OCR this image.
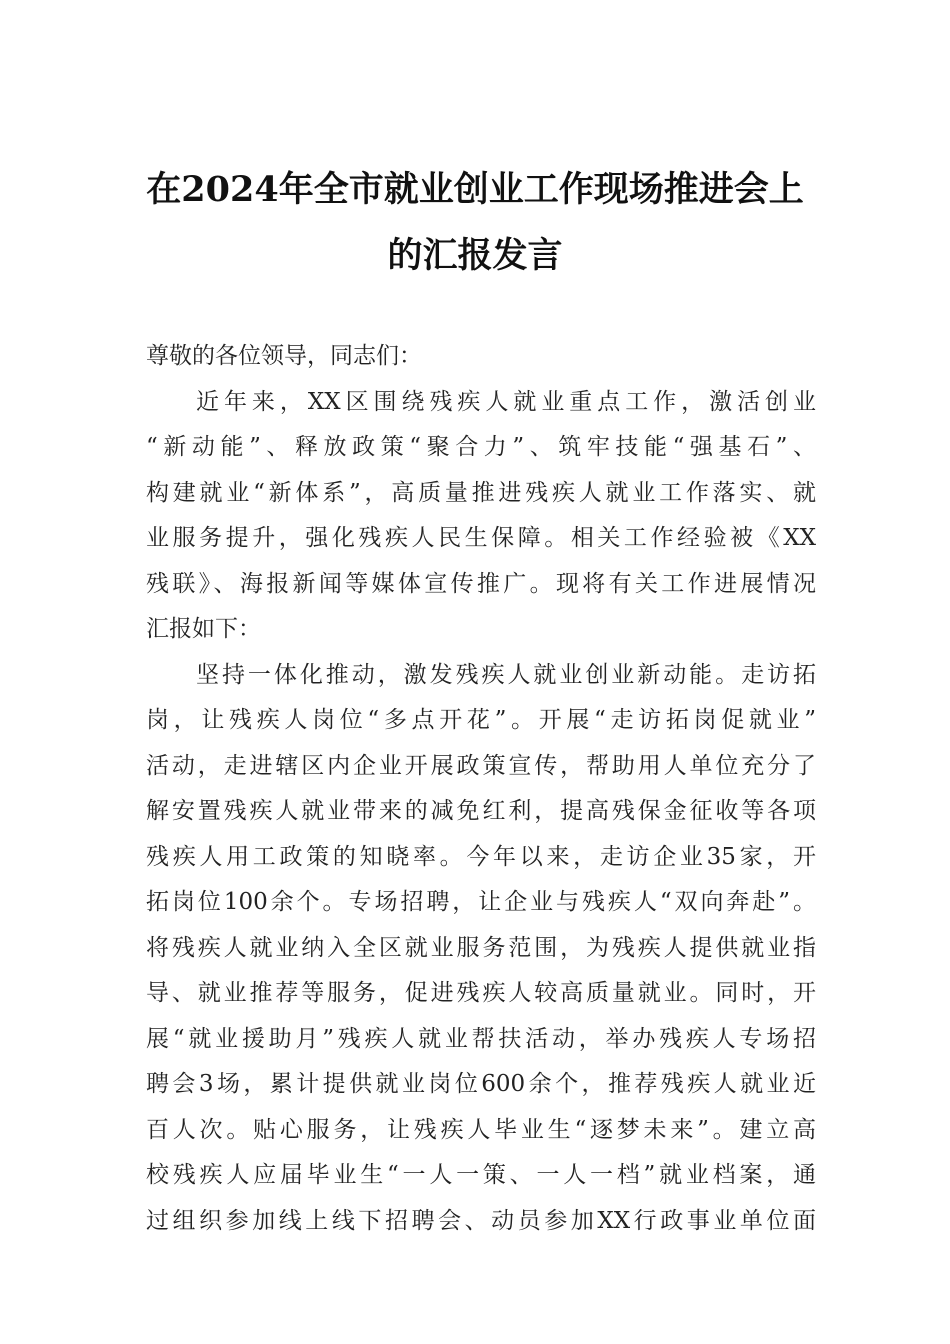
在2024年全市就业创业工作现场推进会上
的汇报发言
尊敬的各位领导，同志们：
近年来，XX区围绕残疾人就业重点工作，激活创业
“新动能”、释放政策“聚合力”、筑牢技能“强基石”、
构建就业“新体系”，高质量推进残疾人就业工作落实、就
业服务提升，强化残疾人民生保障。相关工作经验被《XX
残联》、海报新闻等媒体宣传推广。现将有关工作进展情况
汇报如下：
坚持一体化推动，激发残疾人就业创业新动能。走访拓
岗，让残疾人岗位“多点开花”。开展“走访拓岗促就业”
活动，走进辖区内企业开展政策宣传，帮助用人单位充分了
解安置残疾人就业带来的减免红利，提高残保金征收等各项
残疾人用工政策的知晓率。今年以来，走访企业35家，开
拓岗位100余个。专场招聘，让企业与残疾人“双向奔赴”。
将残疾人就业纳入全区就业服务范围，为残疾人提供就业指
导、就业推荐等服务，促进残疾人较高质量就业。同时，开
展“就业援助月”残疾人就业帮扶活动，举办残疾人专场招
聘会3场，累计提供就业岗位600余个，推荐残疾人就业近
百人次。贴心服务，让残疾人毕业生“逐梦未来”。建立高
校残疾人应届毕业生“一人一策、一人一档”就业档案，通
过组织参加线上线下招聘会、动员参加XX行政事业单位面
